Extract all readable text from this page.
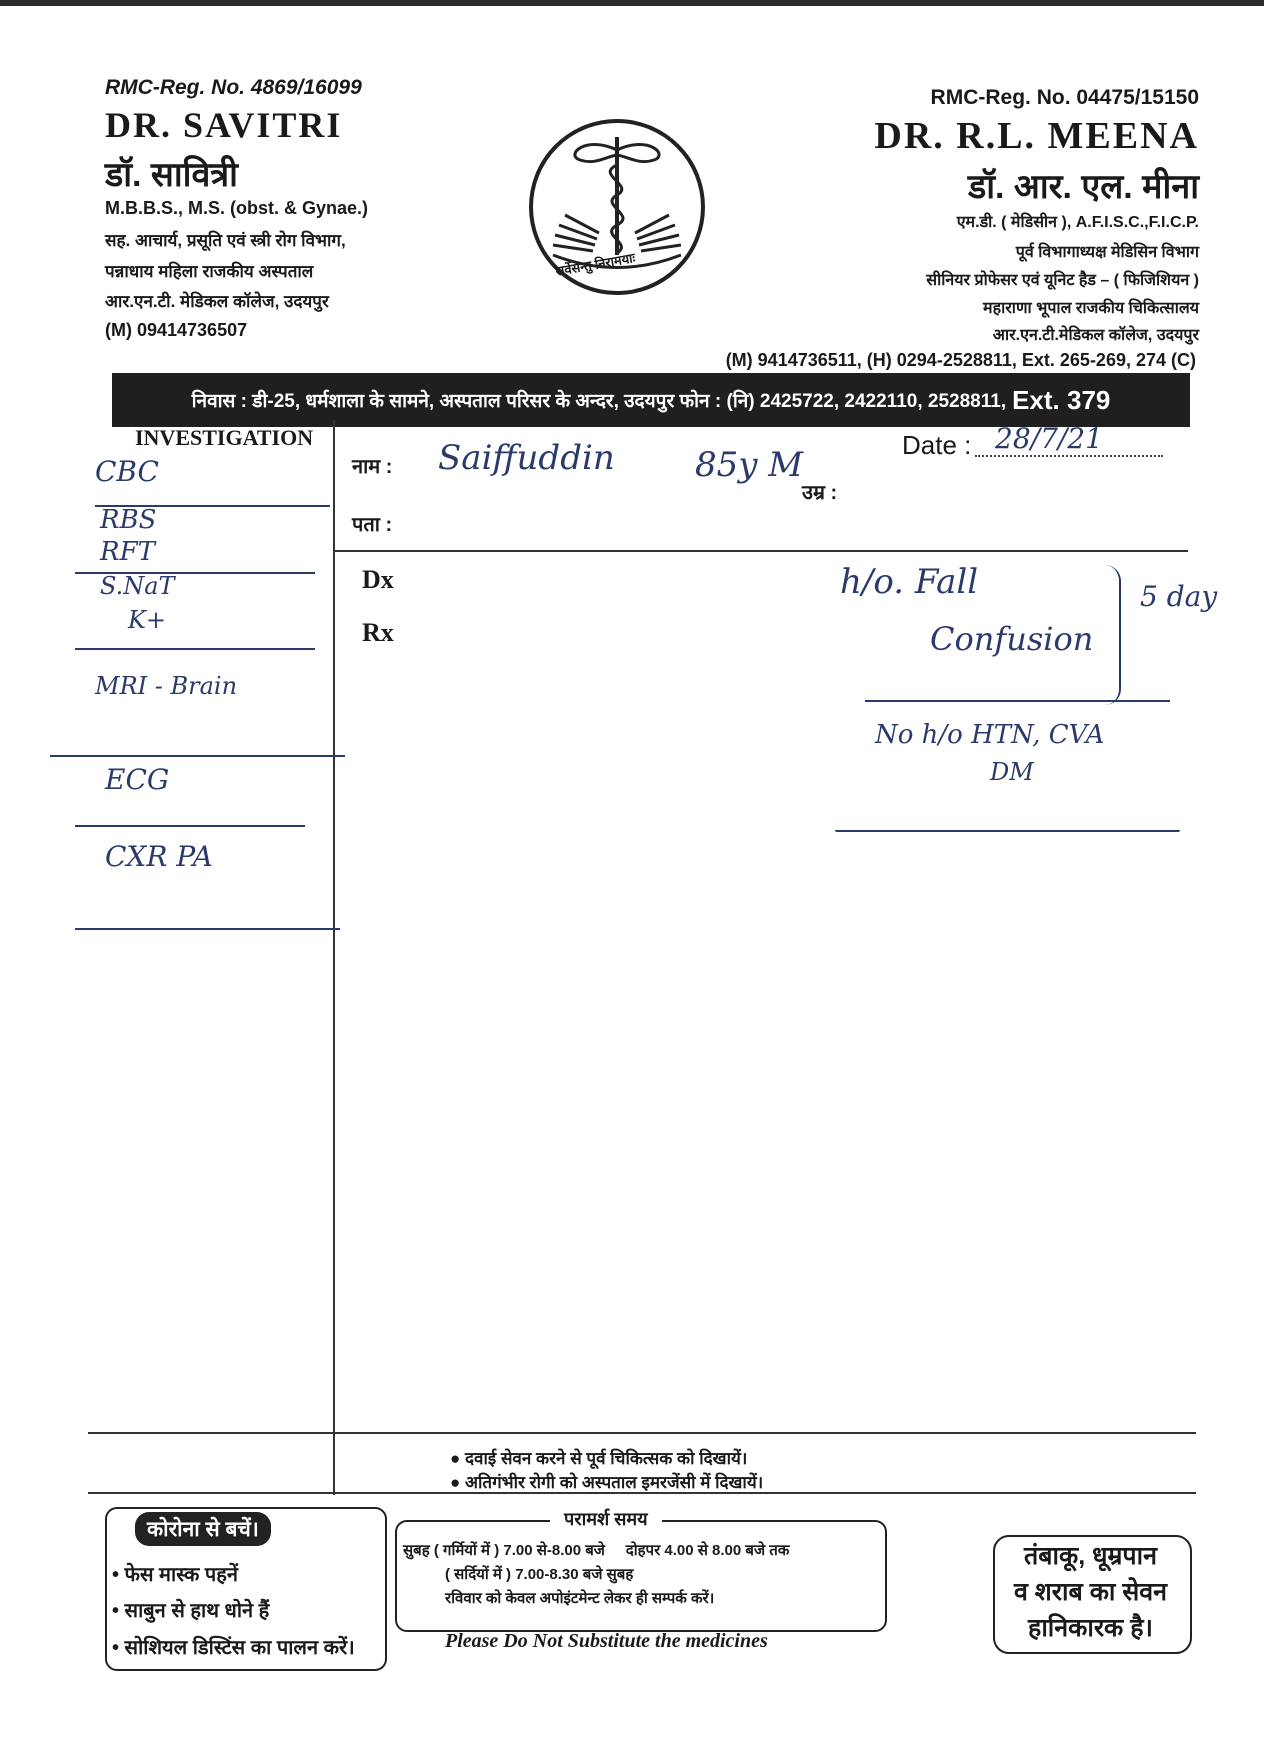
RMC-Reg. No. 4869/16099
DR. SAVITRI
डॉ. सावित्री
M.B.B.S., M.S. (obst. & Gynae.)
सह. आचार्य, प्रसूति एवं स्त्री रोग विभाग,
पन्नाधाय महिला राजकीय अस्पताल
आर.एन.टी. मेडिकल कॉलेज, उदयपुर
(M) 09414736507
सर्वेसन्तु निरामयाः
RMC-Reg. No. 04475/15150
DR. R.L. MEENA
डॉ. आर. एल. मीना
एम.डी. ( मेडिसीन ), A.F.I.S.C.,F.I.C.P.
पूर्व विभागाध्यक्ष मेडिसिन विभाग
सीनियर प्रोफेसर एवं यूनिट हैड – ( फिजिशियन )
महाराणा भूपाल राजकीय चिकित्सालय
आर.एन.टी.मेडिकल कॉलेज, उदयपुर
(M) 9414736511, (H) 0294-2528811, Ext. 265-269, 274 (C)
निवास : डी-25, धर्मशाला के सामने, अस्पताल परिसर के अन्दर, उदयपुर फोन : (नि) 2425722, 2422110, 2528811, Ext. 379
INVESTIGATION
CBC
RBS
RFT
S.NaT
K+
MRI - Brain
ECG
CXR PA
नाम : Saiffuddin 85y M
उम्र :
पता :
Date : 28/7/21
Dx
Rx
h/o. Fall
Confusion
5 day
No h/o HTN, CVA
DM
● दवाई सेवन करने से पूर्व चिकित्सक को दिखायें।
● अतिगंभीर रोगी को अस्पताल इमरजेंसी में दिखायें।
कोरोना से बचें।
• फेस मास्क पहनें
• साबुन से हाथ धोने हैं
• सोशियल डिस्टिंस का पालन करें।
परामर्श समय
सुबह ( गर्मियों में ) 7.00 से-8.00 बजे     दोहपर 4.00 से 8.00 बजे तक
( सर्दियों में ) 7.00-8.30 बजे सुबह
रविवार को केवल अपोइंटमेन्ट लेकर ही सम्पर्क करें।
Please Do Not Substitute the medicines
तंबाकू, धूम्रपान
व शराब का सेवन
हानिकारक है।
